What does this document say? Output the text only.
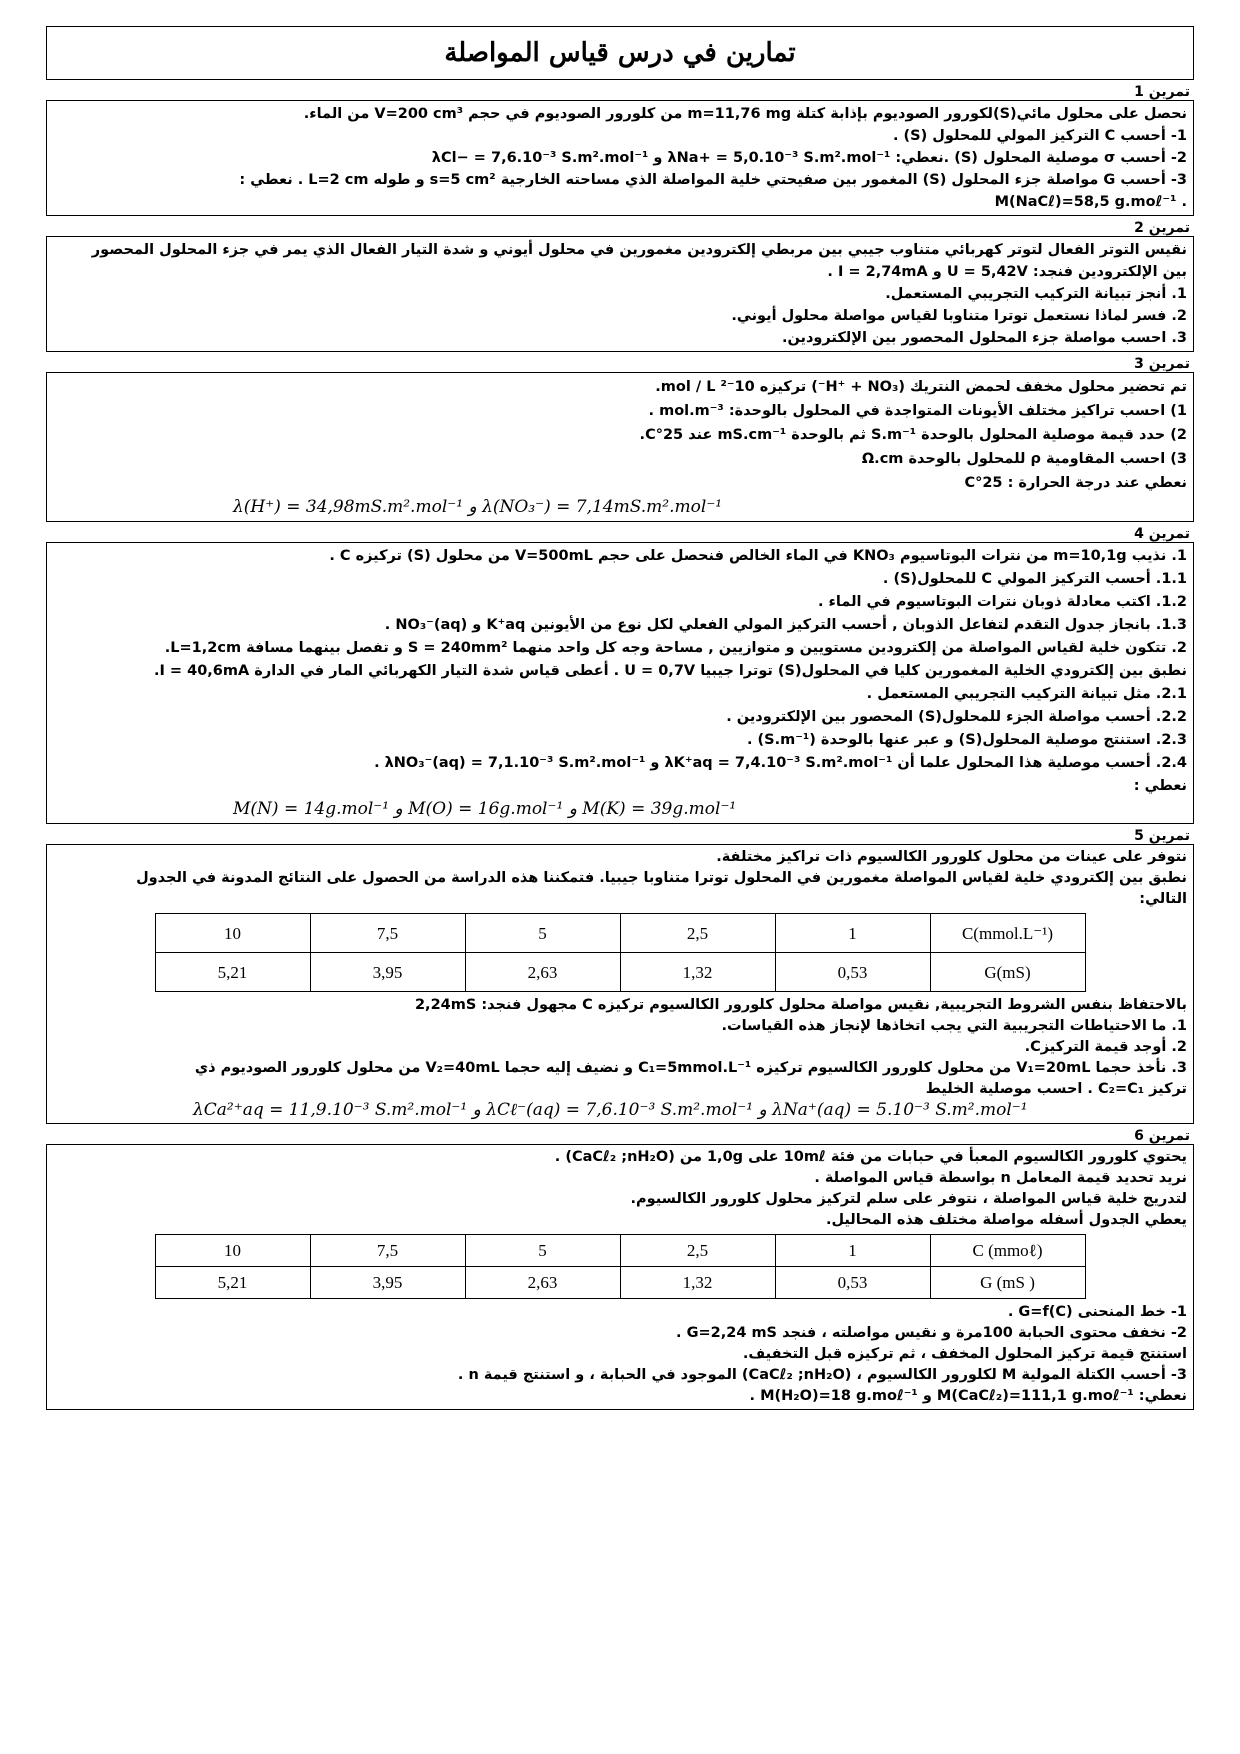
تمارين في درس قياس المواصلة
تمرين 1

نحصل على محلول مائي(S)لكورور الصوديوم بإذابة كتلة m=11,76 mg من كلورور الصوديوم في حجم V=200 cm³ من الماء.

1- أحسب C التركيز المولي للمحلول (S) .

2- أحسب σ موصلية المحلول (S) .نعطي: λNa+ = 5,0.10⁻³ S.m².mol⁻¹ و λCl− = 7,6.10⁻³ S.m².mol⁻¹

3- أحسب G مواصلة جزء المحلول (S) المغمور بين صفيحتي خلية المواصلة الذي مساحته الخارجية s=5 cm² و طوله L=2 cm . نعطي :

. M(NaCℓ)=58,5 g.moℓ⁻¹

تمرين 2

نقيس التوتر الفعال لتوتر كهربائي متناوب جيبي بين مربطي إلكترودين مغمورين في محلول أيوني و شدة التيار الفعال الذي يمر في جزء المحلول المحصور

بين الإلكترودين فنجد: U = 5,42V و I = 2,74mA .

1. أنجز تبيانة التركيب التجريبي المستعمل.

2. فسر لماذا نستعمل توترا متناوبا لقياس مواصلة محلول أيوني.

3. احسب مواصلة جزء المحلول المحصور بين الإلكترودين.

تمرين 3

تم تحضير محلول مخفف لحمض النتريك (H⁺ + NO₃⁻) تركيزه 10⁻² mol / L.

1) احسب تراكيز مختلف الأيونات المتواجدة في المحلول بالوحدة: mol.m⁻³ .

2) حدد قيمة موصلية المحلول بالوحدة S.m⁻¹ ثم بالوحدة mS.cm⁻¹ عند 25°C.

3) احسب المقاومية ρ للمحلول بالوحدة Ω.cm

نعطي عند درجة الحرارة : 25°C

λ(H⁺) = 34,98mS.m².mol⁻¹ و λ(NO₃⁻) = 7,14mS.m².mol⁻¹

تمرين 4

1. نذيب m=10,1g من نترات البوتاسيوم KNO₃ في الماء الخالص فنحصل على حجم V=500mL من محلول (S) تركيزه C .

1.1. أحسب التركيز المولي C للمحلول(S) .

1.2. اكتب معادلة ذوبان نترات البوتاسيوم في الماء .

1.3. بانجاز جدول التقدم لتفاعل الذوبان , أحسب التركيز المولي الفعلي لكل نوع من الأيونين K⁺aq و NO₃⁻(aq) .

2. تتكون خلية لقياس المواصلة من إلكترودين مستويين و متوازيين , مساحة وجه كل واحد منهما S = 240mm² و تفصل بينهما مسافة L=1,2cm.

نطبق بين إلكترودي الخلية المغمورين كليا في المحلول(S) توترا جيبيا U = 0,7V . أعطى قياس شدة التيار الكهربائي المار في الدارة I = 40,6mA.

2.1. مثل تبيانة التركيب التجريبي المستعمل .

2.2. أحسب مواصلة الجزء للمحلول(S) المحصور بين الإلكترودين .

2.3. استنتج موصلية المحلول(S) و عبر عنها بالوحدة (S.m⁻¹) .

2.4. أحسب موصلية هذا المحلول علما أن λK⁺aq = 7,4.10⁻³ S.m².mol⁻¹ و λNO₃⁻(aq) = 7,1.10⁻³ S.m².mol⁻¹ .

نعطي :

M(N) = 14g.mol⁻¹ و M(O) = 16g.mol⁻¹ و M(K) = 39g.mol⁻¹

تمرين 5

نتوفر على عينات من محلول كلورور الكالسيوم ذات تراكيز مختلفة.

نطبق بين إلكترودي خلية لقياس المواصلة مغمورين في المحلول توترا متناوبا جيبيا. فتمكننا هذه الدراسة من الحصول على النتائج المدونة في الجدول

التالي:

10	7,5	5	2,5	1	C(mmol.L⁻¹)
5,21	3,95	2,63	1,32	0,53	G(mS)

بالاحتفاظ بنفس الشروط التجريبية, نقيس مواصلة محلول كلورور الكالسيوم تركيزه C مجهول فنجد: 2,24mS

1. ما الاحتياطات التجريبية التي يجب اتخاذها لإنجاز هذه القياسات.

2. أوجد قيمة التركيزC.

3. نأخذ حجما V₁=20mL من محلول كلورور الكالسيوم تركيزه C₁=5mmol.L⁻¹ و نضيف إليه حجما V₂=40mL من محلول كلورور الصوديوم ذي

تركيز C₂=C₁ . احسب موصلية الخليط

λCa²⁺aq = 11,9.10⁻³ S.m².mol⁻¹ و λCℓ⁻(aq) = 7,6.10⁻³ S.m².mol⁻¹ و λNa⁺(aq) = 5.10⁻³ S.m².mol⁻¹

تمرين 6

يحتوي كلورور الكالسيوم المعبأ في حبابات من فئة 10mℓ على 1,0g من (CaCℓ₂ ;nH₂O) .

نريد تحديد قيمة المعامل n بواسطة قياس المواصلة .

لتدريج خلية قياس المواصلة ، نتوفر على سلم لتركيز محلول كلورور الكالسيوم.

يعطي الجدول أسفله مواصلة مختلف هذه المحاليل.

10	7,5	5	2,5	1	C (mmoℓ)
5,21	3,95	2,63	1,32	0,53	G (mS )

1- خط المنحنى G=f(C) .

2- نخفف محتوى الحبابة 100مرة و نقيس مواصلته ، فنجد G=2,24 mS .

استنتج قيمة تركيز المحلول المخفف ، ثم تركيزه قبل التخفيف.

3- أحسب الكتلة المولية M لكلورور الكالسيوم ، (CaCℓ₂ ;nH₂O) الموجود في الحبابة ، و استنتج قيمة n .

نعطي: M(CaCℓ₂)=111,1 g.moℓ⁻¹ و M(H₂O)=18 g.moℓ⁻¹ .
